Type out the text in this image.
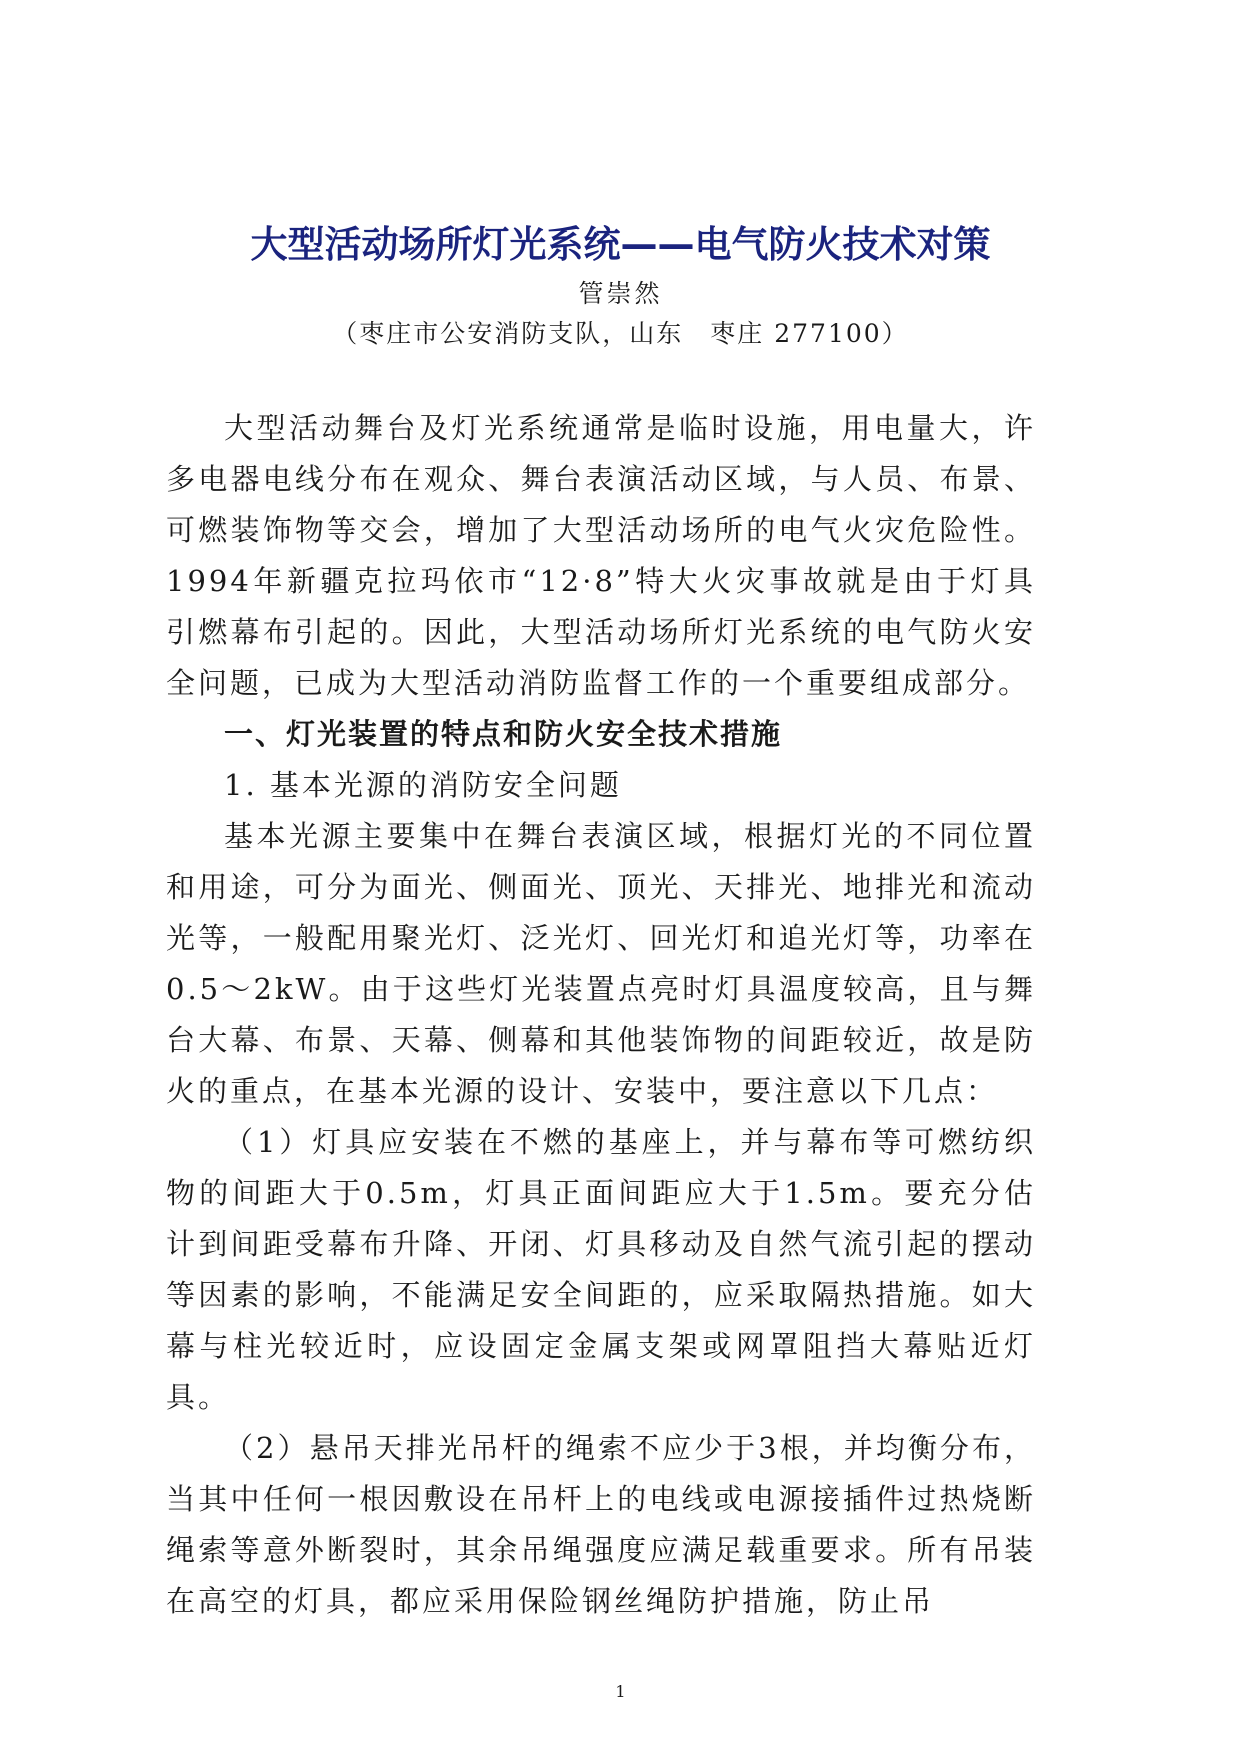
大型活动场所灯光系统——电气防火技术对策
管崇然
（枣庄市公安消防支队，山东　枣庄 277100）

大型活动舞台及灯光系统通常是临时设施，用电量大，许多电器电线分布在观众、舞台表演活动区域，与人员、布景、可燃装饰物等交会，增加了大型活动场所的电气火灾危险性。1994年新疆克拉玛依市“12·8”特大火灾事故就是由于灯具引燃幕布引起的。因此，大型活动场所灯光系统的电气防火安全问题，已成为大型活动消防监督工作的一个重要组成部分。

一、灯光装置的特点和防火安全技术措施

1. 基本光源的消防安全问题

基本光源主要集中在舞台表演区域，根据灯光的不同位置和用途，可分为面光、侧面光、顶光、天排光、地排光和流动光等，一般配用聚光灯、泛光灯、回光灯和追光灯等，功率在0.5～2kW。由于这些灯光装置点亮时灯具温度较高，且与舞台大幕、布景、天幕、侧幕和其他装饰物的间距较近，故是防火的重点，在基本光源的设计、安装中，要注意以下几点：

（1）灯具应安装在不燃的基座上，并与幕布等可燃纺织物的间距大于0.5m，灯具正面间距应大于1.5m。要充分估计到间距受幕布升降、开闭、灯具移动及自然气流引起的摆动等因素的影响，不能满足安全间距的，应采取隔热措施。如大幕与柱光较近时，应设固定金属支架或网罩阻挡大幕贴近灯具。

（2）悬吊天排光吊杆的绳索不应少于3根，并均衡分布，当其中任何一根因敷设在吊杆上的电线或电源接插件过热烧断绳索等意外断裂时，其余吊绳强度应满足载重要求。所有吊装在高空的灯具，都应采用保险钢丝绳防护措施，防止吊

1
